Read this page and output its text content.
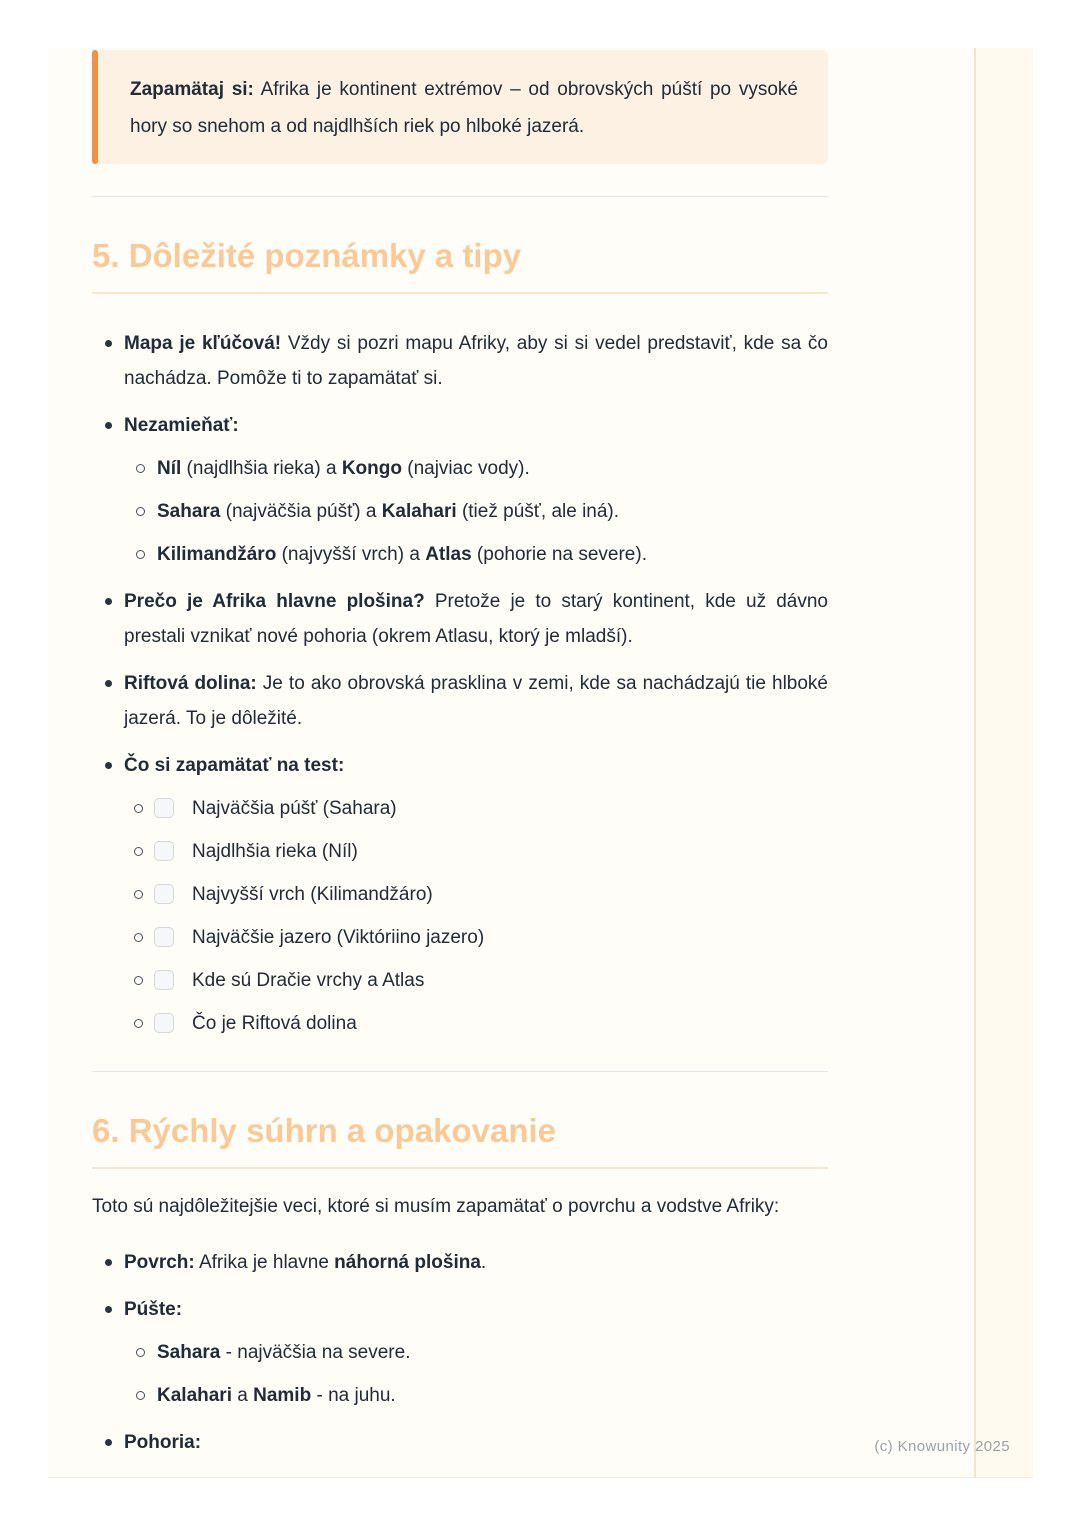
Zapamätaj si: Afrika je kontinent extrémov – od obrovských púští po vysoké hory so snehom a od najdlhších riek po hlboké jazerá.

5. Dôležité poznámky a tipy
Mapa je kľúčová! Vždy si pozri mapu Afriky, aby si si vedel predstaviť, kde sa čo nachádza. Pomôže ti to zapamätať si.
Nezamieňať:
Níl (najdlhšia rieka) a Kongo (najviac vody).
Sahara (najväčšia púšť) a Kalahari (tiež púšť, ale iná).
Kilimandžáro (najvyšší vrch) a Atlas (pohorie na severe).
Prečo je Afrika hlavne plošina? Pretože je to starý kontinent, kde už dávno prestali vznikať nové pohoria (okrem Atlasu, ktorý je mladší).
Riftová dolina: Je to ako obrovská prasklina v zemi, kde sa nachádzajú tie hlboké jazerá. To je dôležité.
Čo si zapamätať na test:
Najväčšia púšť (Sahara)
Najdlhšia rieka (Níl)
Najvyšší vrch (Kilimandžáro)
Najväčšie jazero (Viktóriino jazero)
Kde sú Dračie vrchy a Atlas
Čo je Riftová dolina
6. Rýchly súhrn a opakovanie

Toto sú najdôležitejšie veci, ktoré si musím zapamätať o povrchu a vodstve Afriky:

Povrch: Afrika je hlavne náhorná plošina.
Púšte:
Sahara - najväčšia na severe.
Kalahari a Namib - na juhu.
Pohoria:	(c) Knowunity 2025
